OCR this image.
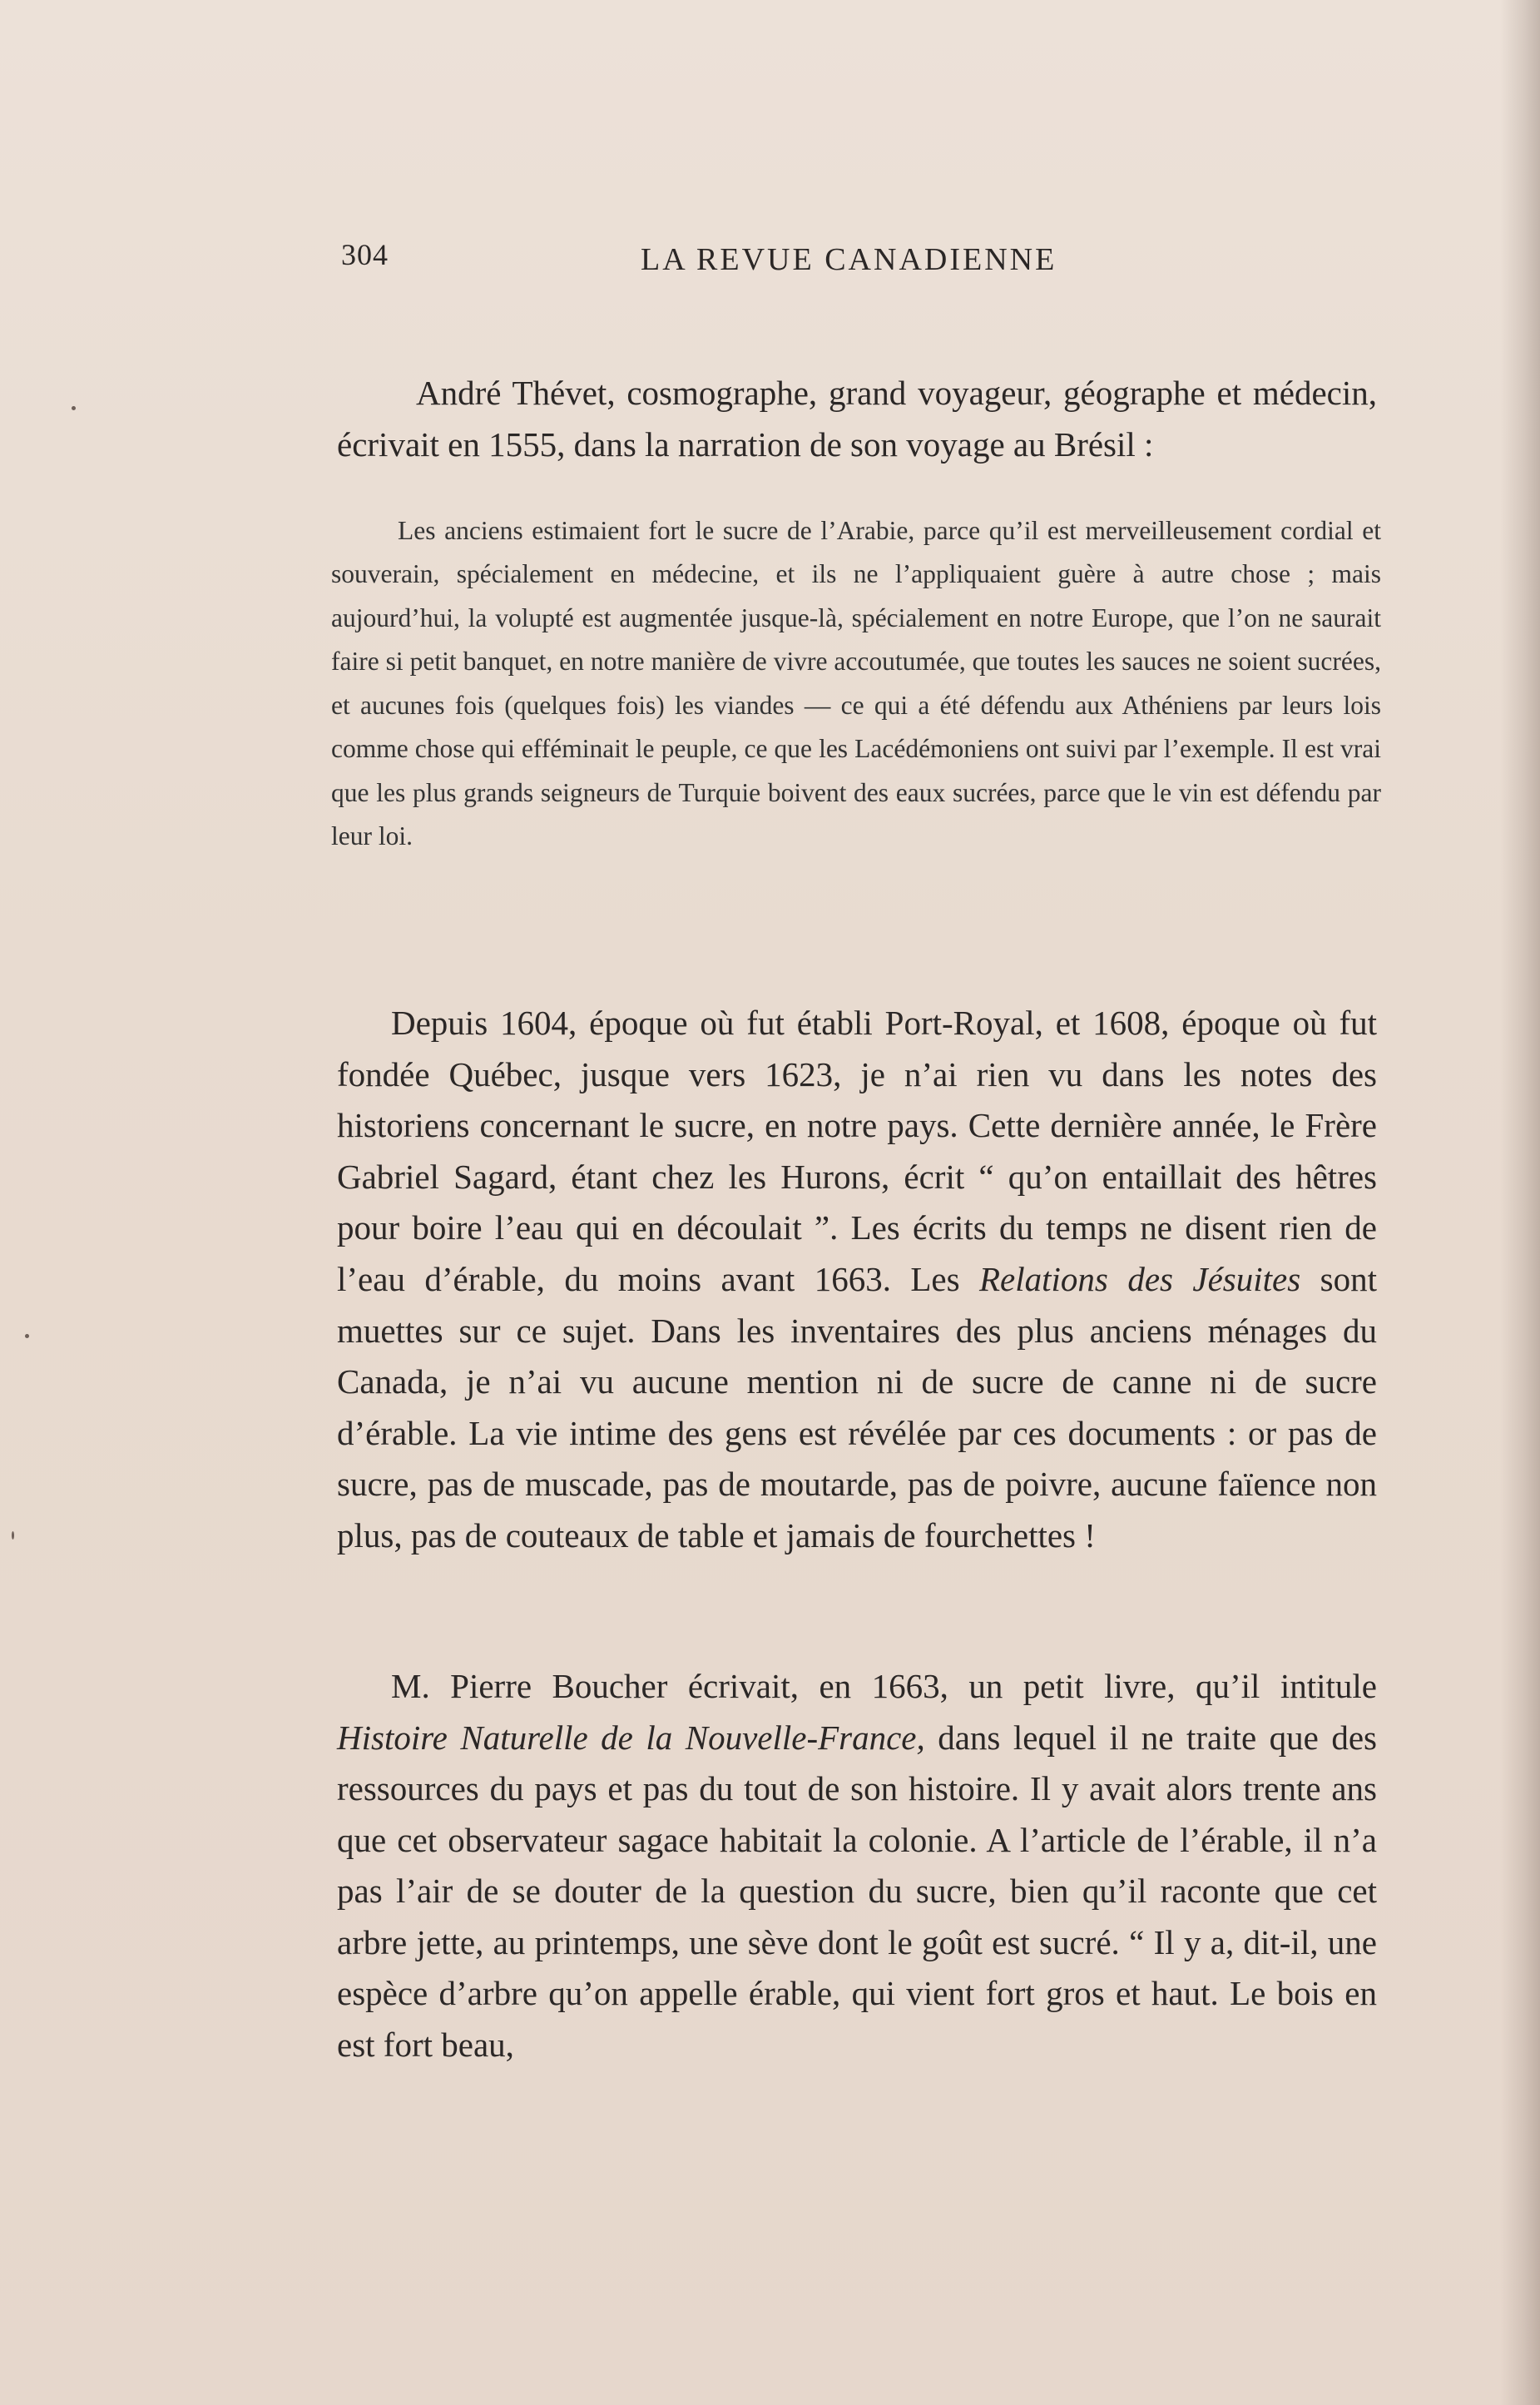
304	LA REVUE CANADIENNE

André Thévet, cosmographe, grand voyageur, géographe et médecin, écrivait en 1555, dans la narration de son voyage au Brésil :

Les anciens estimaient fort le sucre de l’Arabie, parce qu’il est merveilleusement cordial et souverain, spécialement en médecine, et ils ne l’appliquaient guère à autre chose ; mais aujourd’hui, la volupté est augmentée jusque-là, spécialement en notre Europe, que l’on ne saurait faire si petit banquet, en notre manière de vivre accoutumée, que toutes les sauces ne soient sucrées, et aucunes fois (quelques fois) les viandes — ce qui a été défendu aux Athéniens par leurs lois comme chose qui efféminait le peuple, ce que les Lacédémoniens ont suivi par l’exemple. Il est vrai que les plus grands seigneurs de Turquie boivent des eaux sucrées, parce que le vin est défendu par leur loi.

Depuis 1604, époque où fut établi Port-Royal, et 1608, époque où fut fondée Québec, jusque vers 1623, je n’ai rien vu dans les notes des historiens concernant le sucre, en notre pays. Cette dernière année, le Frère Gabriel Sagard, étant chez les Hurons, écrit “ qu’on entaillait des hêtres pour boire l’eau qui en découlait ”. Les écrits du temps ne disent rien de l’eau d’érable, du moins avant 1663. Les Relations des Jésuites sont muettes sur ce sujet. Dans les inventaires des plus anciens ménages du Canada, je n’ai vu aucune mention ni de sucre de canne ni de sucre d’érable. La vie intime des gens est révélée par ces documents : or pas de sucre, pas de muscade, pas de moutarde, pas de poivre, aucune faïence non plus, pas de couteaux de table et jamais de fourchettes !

M. Pierre Boucher écrivait, en 1663, un petit livre, qu’il intitule Histoire Naturelle de la Nouvelle-France, dans lequel il ne traite que des ressources du pays et pas du tout de son histoire. Il y avait alors trente ans que cet observateur sagace habitait la colonie. A l’article de l’érable, il n’a pas l’air de se douter de la question du sucre, bien qu’il raconte que cet arbre jette, au printemps, une sève dont le goût est sucré. “ Il y a, dit-il, une espèce d’arbre qu’on appelle érable, qui vient fort gros et haut. Le bois en est fort beau,
